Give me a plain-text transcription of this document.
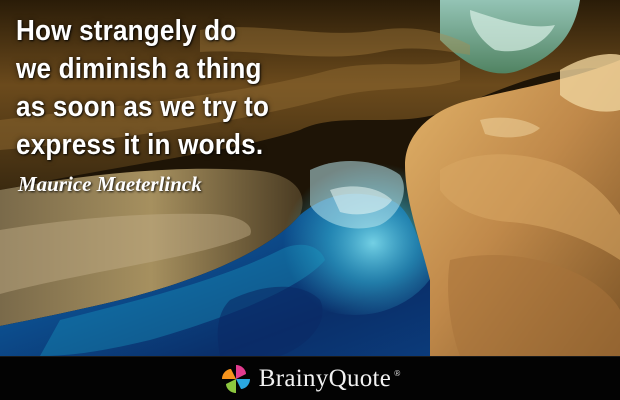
How strangely do
we diminish a thing
as soon as we try to
express it in words.

Maurice Maeterlinck

BrainyQuote ®
